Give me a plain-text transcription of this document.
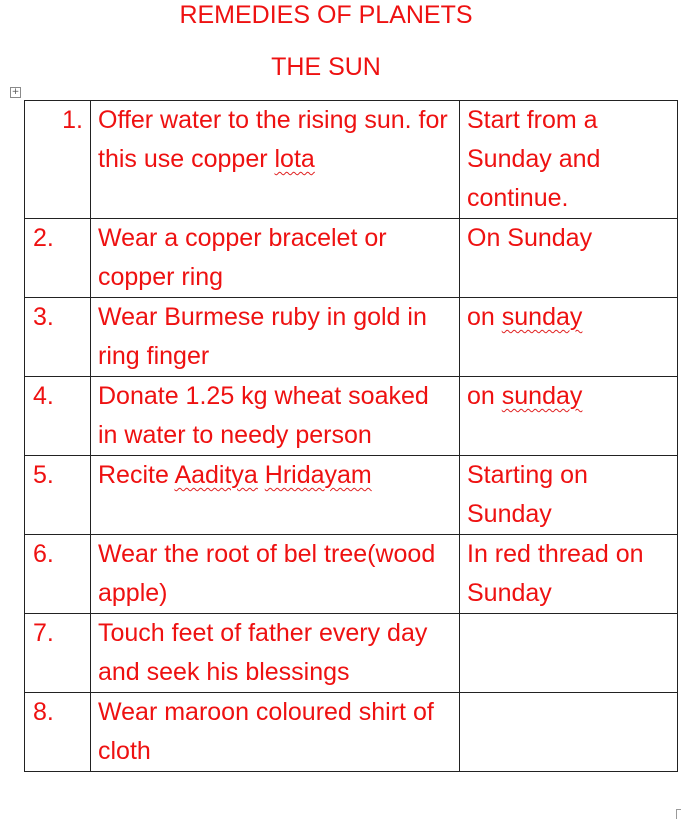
REMEDIES OF PLANETS
THE SUN
+
1.	Offer water to the rising sun. for this use copper lota	Start from a Sunday and continue.
2.	Wear a copper bracelet or copper ring	On Sunday
3.	Wear Burmese ruby in gold in ring finger	on sunday
4.	Donate 1.25 kg wheat soaked in water to needy person	on sunday
5.	Recite Aaditya Hridayam	Starting on Sunday
6.	Wear the root of bel tree(wood apple)	In red thread on Sunday
7.	Touch feet of father every day and seek his blessings	
8.	Wear maroon coloured shirt of cloth	
